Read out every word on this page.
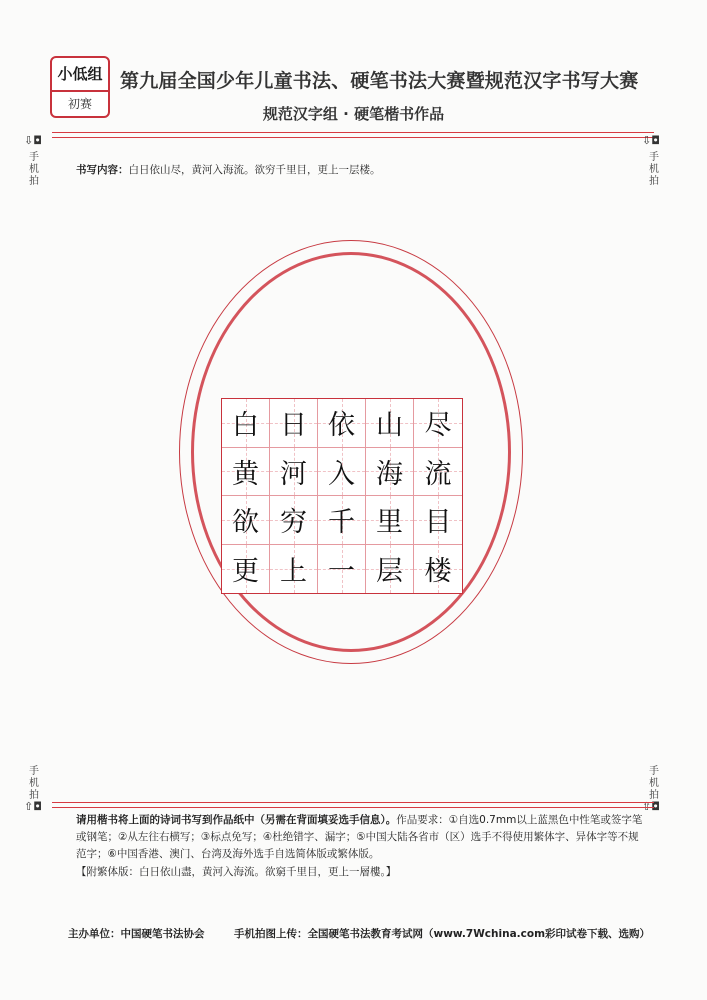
小低组
初赛
第九届全国少年儿童书法、硬笔书法大赛暨规范汉字书写大赛
规范汉字组 · 硬笔楷书作品
⇩◘	⇩◘
手
机
拍
手
机
拍
书写内容：白日依山尽，黄河入海流。欲穷千里目，更上一层楼。
白 日 依 山 尽
黄 河 入 海 流
欲 穷 千 里 目
更 上 一 层 楼
手
机
拍
手
机
拍
⇧◘	⇧◘
请用楷书将上面的诗词书写到作品纸中（另需在背面填妥选手信息）。作品要求：①自选0.7mm以上蓝黑色中性笔或签字笔或钢笔；②从左往右横写；③标点免写；④杜绝错字、漏字；⑤中国大陆各省市（区）选手不得使用繁体字、异体字等不规范字；⑥中国香港、澳门、台湾及海外选手自选简体版或繁体版。
【附繁体版：白日依山盡，黄河入海流。欲窮千里目，更上一層樓。】
主办单位：中国硬笔书法协会	手机拍图上传：全国硬笔书法教育考试网（www.7Wchina.com彩印试卷下载、选购）
